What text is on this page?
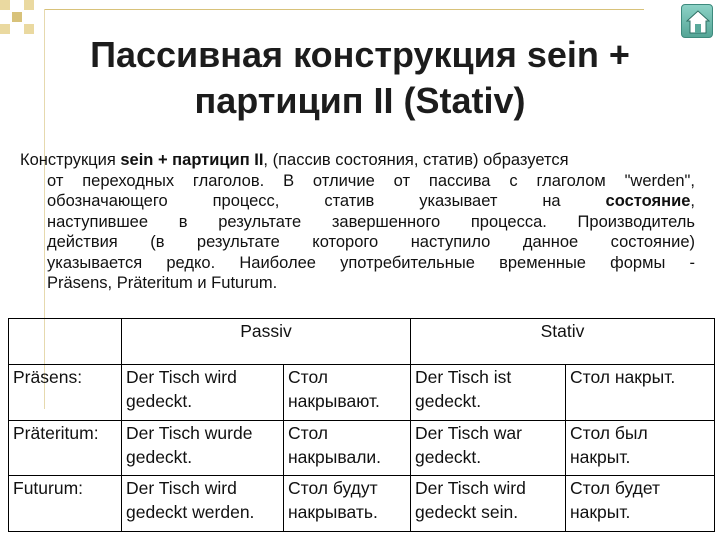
Пассивная конструкция sein +
партицип II (Stativ)
Конструкция sein + партицип II, (пассив состояния, статив) образуется
от переходных глаголов. В отличие от пассива с глаголом "werden",
обозначающего процесс, статив указывает на состояние,
наступившее в результате завершенного процесса. Производитель
действия (в результате которого наступило данное состояние)
указывается редко. Наиболее употребительные временные формы -
Präsens, Präteritum и Futurum.
	Passiv		Stativ	
Präsens:	Der Tisch wird gedeckt.	Стол накрывают.	Der Tisch ist gedeckt.	Стол накрыт.
Präteritum:	Der Tisch wurde gedeckt.	Стол накрывали.	Der Tisch war gedeckt.	Стол был накрыт.
Futurum:	Der Tisch wird gedeckt werden.	Стол будут накрывать.	Der Tisch wird gedeckt sein.	Стол будет накрыт.
